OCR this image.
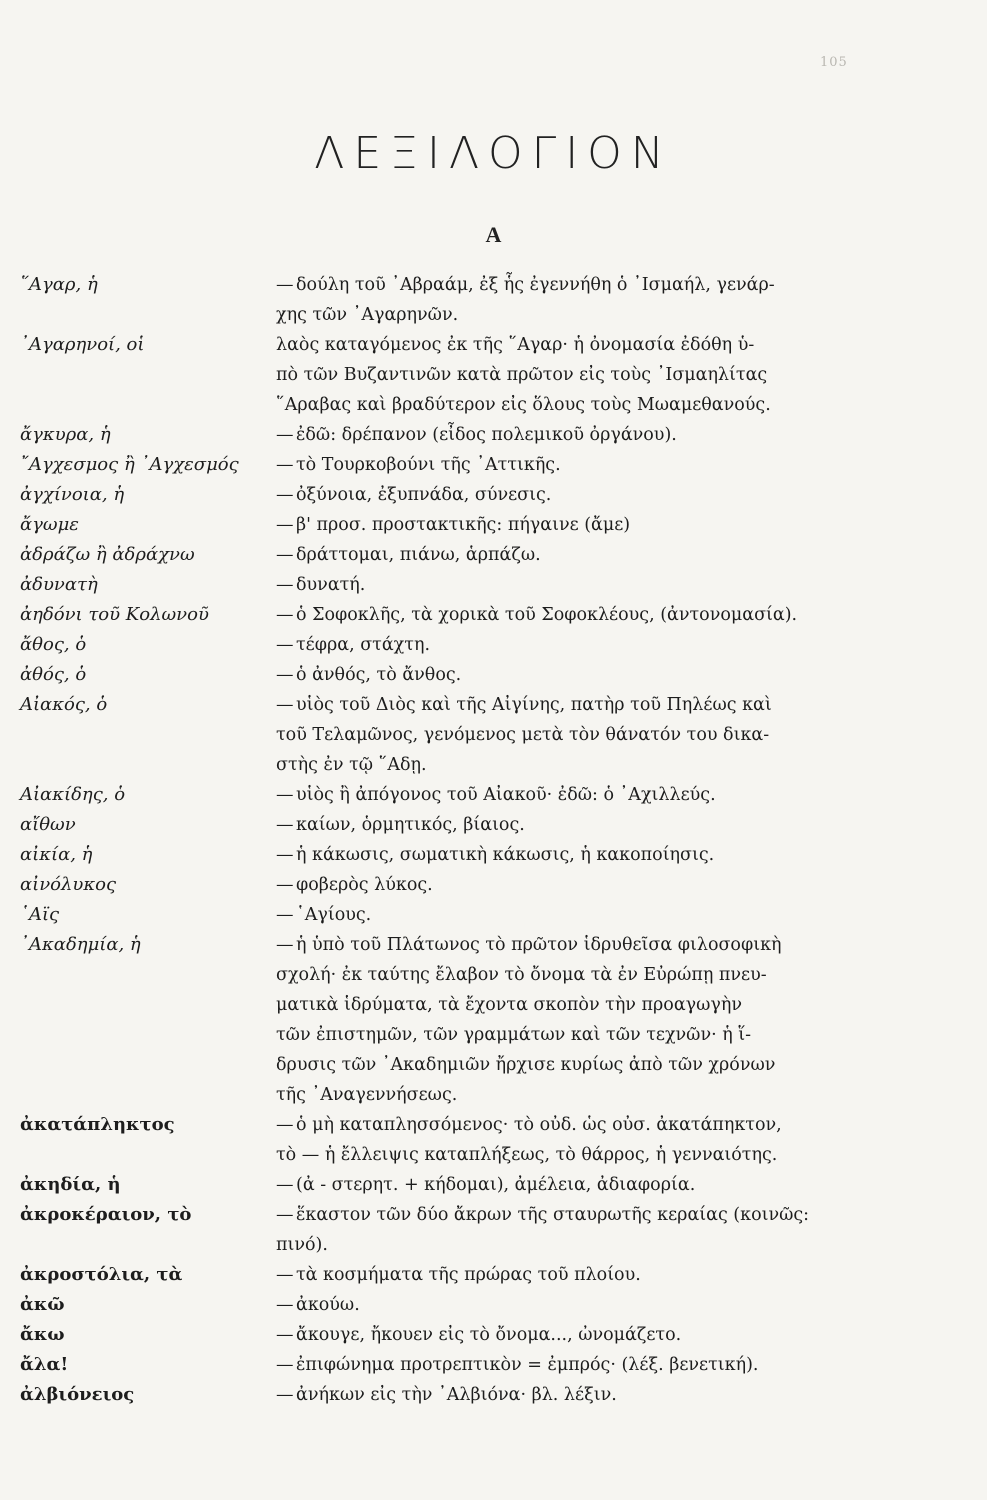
105
ΛΕΞΙΛΟΓΙΟΝ
Α
῞Αγαρ, ἡ	— δούλη τοῦ ᾽Αβραάμ, ἐξ ἧς ἐγεννήθη ὁ ᾽Ισμαήλ, γενάρ-
χης τῶν ᾽Αγαρηνῶν.
᾽Αγαρηνοί, οἱ	λαὸς καταγόμενος ἐκ τῆς ῞Αγαρ· ἡ ὀνομασία ἐδόθη ὑ-
πὸ τῶν Βυζαντινῶν κατὰ πρῶτον εἰς τοὺς ᾽Ισμαηλίτας
῞Αραβας καὶ βραδύτερον εἰς ὅλους τοὺς Μωαμεθανούς.
ἄγκυρα, ἡ	— ἐδῶ: δρέπανον (εἶδος πολεμικοῦ ὀργάνου).
῎Αγχεσμος ἢ ᾽Αγχεσμός	— τὸ Τουρκοβούνι τῆς ᾽Αττικῆς.
ἀγχίνοια, ἡ	— ὀξύνοια, ἐξυπνάδα, σύνεσις.
ἄγωμε	— β' προσ. προστακτικῆς: πήγαινε (ἄμε)
ἀδράζω ἢ ἀδράχνω	— δράττομαι, πιάνω, ἁρπάζω.
ἀδυνατὴ	— δυνατή.
ἀηδόνι τοῦ Κολωνοῦ	— ὁ Σοφοκλῆς, τὰ χορικὰ τοῦ Σοφοκλέους, (ἀντονομασία).
ἄθος, ὁ	— τέφρα, στάχτη.
ἀθός, ὁ	— ὁ ἀνθός, τὸ ἄνθος.
Αἰακός, ὁ	— υἱὸς τοῦ Διὸς καὶ τῆς Αἰγίνης, πατὴρ τοῦ Πηλέως καὶ
τοῦ Τελαμῶνος, γενόμενος μετὰ τὸν θάνατόν του δικα-
στὴς ἐν τῷ ῞Αδῃ.
Αἰακίδης, ὁ	— υἱὸς ἢ ἀπόγονος τοῦ Αἰακοῦ· ἐδῶ: ὁ ᾽Αχιλλεύς.
αἴθων	— καίων, ὁρμητικός, βίαιος.
αἰκία, ἡ	— ἡ κάκωσις, σωματικὴ κάκωσις, ἡ κακοποίησις.
αἰνόλυκος	— φοβερὸς λύκος.
῾Αϊς	— ῾Αγίους.
᾽Ακαδημία, ἡ	— ἡ ὑπὸ τοῦ Πλάτωνος τὸ πρῶτον ἱδρυθεῖσα φιλοσοφικὴ
σχολή· ἐκ ταύτης ἔλαβον τὸ ὄνομα τὰ ἐν Εὐρώπῃ πνευ-
ματικὰ ἱδρύματα, τὰ ἔχοντα σκοπὸν τὴν προαγωγὴν
τῶν ἐπιστημῶν, τῶν γραμμάτων καὶ τῶν τεχνῶν· ἡ ἵ-
δρυσις τῶν ᾽Ακαδημιῶν ἤρχισε κυρίως ἀπὸ τῶν χρόνων
τῆς ᾽Αναγεννήσεως.
ἀκατάπληκτος	— ὁ μὴ καταπλησσόμενος· τὸ οὐδ. ὡς οὐσ. ἀκατάπηκτον,
τὸ — ἡ ἔλλειψις καταπλήξεως, τὸ θάρρος, ἡ γενναιότης.
ἀκηδία, ἡ	— (ἀ - στερητ. + κήδομαι), ἀμέλεια, ἀδιαφορία.
ἀκροκέραιον, τὸ	— ἕκαστον τῶν δύο ἄκρων τῆς σταυρωτῆς κεραίας (κοινῶς:
πινό).
ἀκροστόλια, τὰ	— τὰ κοσμήματα τῆς πρώρας τοῦ πλοίου.
ἀκῶ	— ἀκούω.
ἄκω	— ἄκουγε, ἤκουεν εἰς τὸ ὄνομα..., ὠνομάζετο.
ἄλα!	— ἐπιφώνημα προτρεπτικὸν = ἐμπρός· (λέξ. βενετική).
ἀλβιόνειος	— ἀνήκων εἰς τὴν ᾽Αλβιόνα· βλ. λέξιν.
